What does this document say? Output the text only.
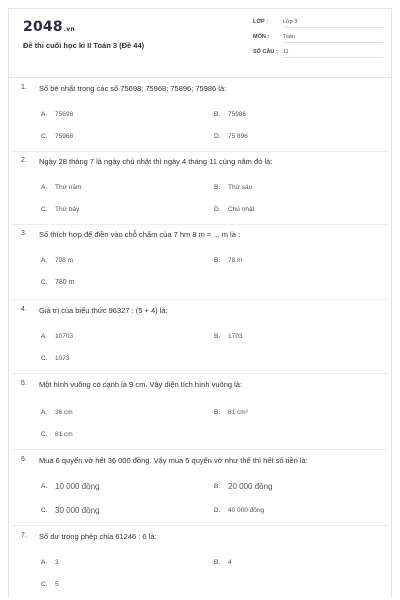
2048.vn
Đề thi cuối học kì II Toán 3 (Đề 44)
LỚP :	Lớp 3
MÔN :	Toán
SỐ CÂU : 11
1. Số bé nhất trong các số 75698; 75968; 75896; 75986 là:
A. 75698	B. 75986
C. 75968	D. 75 896
2. Ngày 28 tháng 7 là ngày chủ nhật thì ngày 4 tháng 11 cùng năm đó là:
A. Thứ năm	B. Thứ sáu
C. Thứ bảy	D. Chủ nhật
3. Số thích hợp để điền vào chỗ chấm của 7 hm 8 m = ... m là :
A. 708 m	B. 78 m
C. 780 m
4. Giá trị của biểu thức 96327 : (5 + 4) là:
A. 10703	B. 1703
C. 1073
5. Một hình vuông có cạnh là 9 cm. Vậy diện tích hình vuông là:
A. 36 cm	B. 81 cm²
C. 81 cm
6. Mua 6 quyển vở hết 36 000 đồng. Vậy mua 5 quyển vở như thế thì hết số tiền là:
A. 10 000 đồng	B. 20 000 đồng
C. 30 000 đồng	D. 40 000 đồng
7. Số dư trong phép chia 61246 : 6 là:
A. 3	B. 4
C. 5
